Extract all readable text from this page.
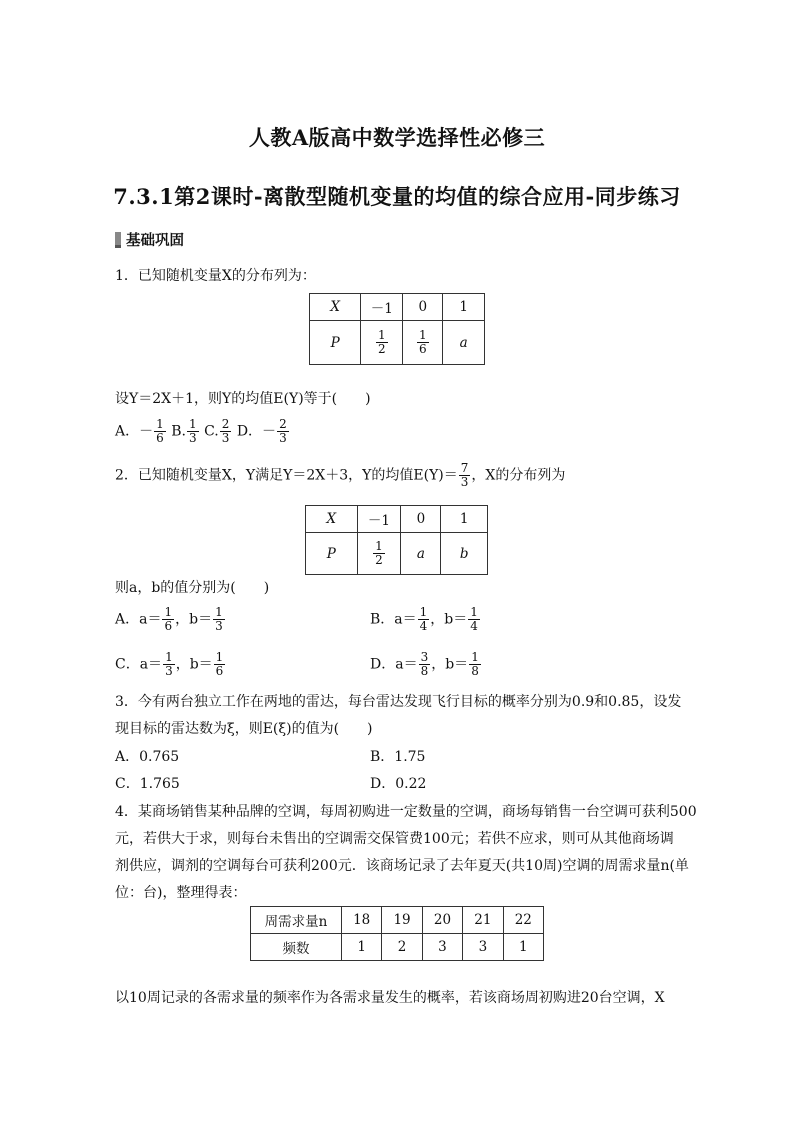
人教A版高中数学选择性必修三
7.3.1第2课时-离散型随机变量的均值的综合应用-同步练习
基础巩固
1．已知随机变量X的分布列为：
X	－1	0	1
P	$\frac{1}{2}$	$\frac{1}{6}$	a
设Y＝2X＋1，则Y的均值E(Y)等于(　　)
A．－ $\frac{1}{6} B$. $\frac{1}{3} C$. $\frac{2}{3}$ D．－ $\frac{2}{3}$
2．已知随机变量X，Y满足Y＝2X＋3，Y的均值$E(Y)= \frac{7}{3}$ ，X的分布列为
X	－1	0	1
P	$\frac{1}{2}$	a	b
则a，b的值分别为(　　)
A．$a= \frac{1}{6}$ ，$b= \frac{1}{3}$	B．$a= \frac{1}{4}$ ，$b= \frac{1}{4}$
C．$a= \frac{1}{3}$ ，$b= \frac{1}{6}$	D．$a= \frac{3}{8}$ ，$b= \frac{1}{8}$
3．今有两台独立工作在两地的雷达，每台雷达发现飞行目标的概率分别为0.9和0.85，设发
现目标的雷达数为ξ，则E(ξ)的值为(　　)
A．0.765	B．1.75
C．1.765	D．0.22
4．某商场销售某种品牌的空调，每周初购进一定数量的空调，商场每销售一台空调可获利500
元，若供大于求，则每台未售出的空调需交保管费100元；若供不应求，则可从其他商场调
剂供应，调剂的空调每台可获利200元．该商场记录了去年夏天(共10周)空调的周需求量n(单
位：台)，整理得表：
周需求量n	18	19	20	21	22
频数	1	2	3	3	1
以10周记录的各需求量的频率作为各需求量发生的概率，若该商场周初购进20台空调，X
